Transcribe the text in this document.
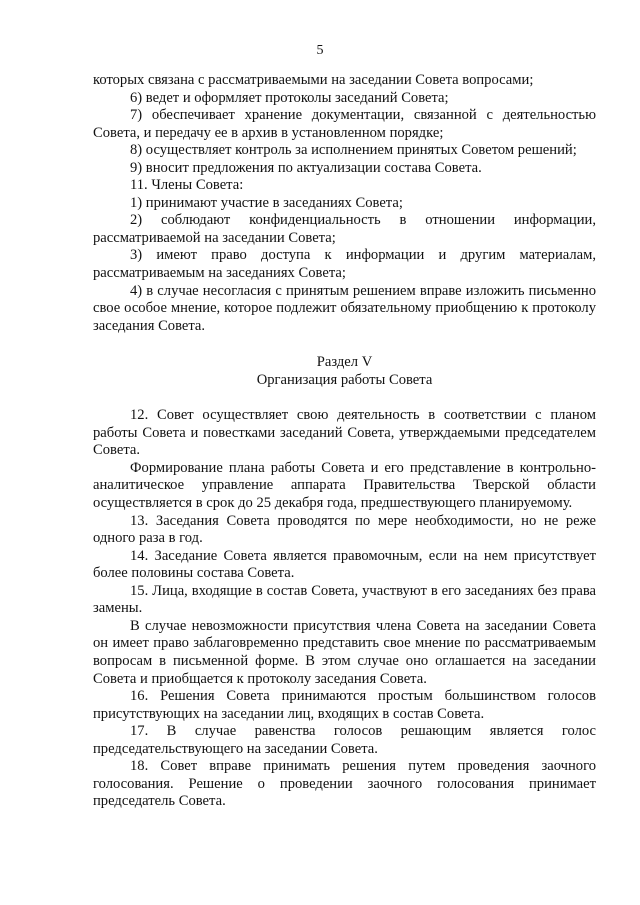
5

которых связана с рассматриваемыми на заседании Совета вопросами;

6) ведет и оформляет протоколы заседаний Совета;

7) обеспечивает хранение документации, связанной с деятельностью Совета, и передачу ее в архив в установленном порядке;

8) осуществляет контроль за исполнением принятых Советом решений;

9) вносит предложения по актуализации состава Совета.

11. Члены Совета:

1) принимают участие в заседаниях Совета;

2) соблюдают конфиденциальность в отношении информации, рассматриваемой на заседании Совета;

3) имеют право доступа к информации и другим материалам, рассматриваемым на заседаниях Совета;

4) в случае несогласия с принятым решением вправе изложить письменно свое особое мнение, которое подлежит обязательному приобщению к протоколу заседания Совета.

Раздел V

Организация работы Совета

12. Совет осуществляет свою деятельность в соответствии с планом работы Совета и повестками заседаний Совета, утверждаемыми председателем Совета.

Формирование плана работы Совета и его представление в контрольно-аналитическое управление аппарата Правительства Тверской области осуществляется в срок до 25 декабря года, предшествующего планируемому.

13. Заседания Совета проводятся по мере необходимости, но не реже одного раза в год.

14. Заседание Совета является правомочным, если на нем присутствует более половины состава Совета.

15. Лица, входящие в состав Совета, участвуют в его заседаниях без права замены.

В случае невозможности присутствия члена Совета на заседании Совета он имеет право заблаговременно представить свое мнение по рассматриваемым вопросам в письменной форме. В этом случае оно оглашается на заседании Совета и приобщается к протоколу заседания Совета.

16. Решения Совета принимаются простым большинством голосов присутствующих на заседании лиц, входящих в состав Совета.

17. В случае равенства голосов решающим является голос председательствующего на заседании Совета.

18. Совет вправе принимать решения путем проведения заочного голосования. Решение о проведении заочного голосования принимает председатель Совета.
